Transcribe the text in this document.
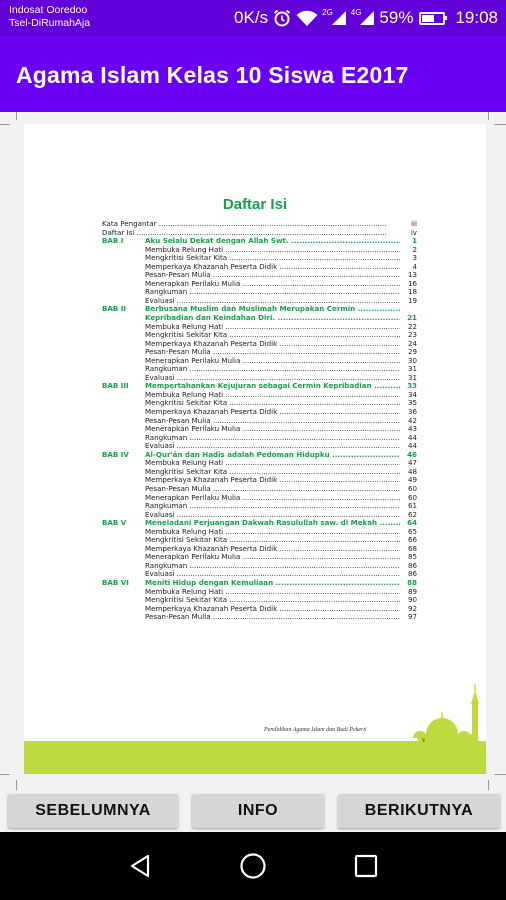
Indosat Ooredoo
Tsel-DiRumahAja	0K/s	2G 4G 59% 19:08
Agama Islam Kelas 10 Siswa E2017
Daftar Isi
Kata Pengantar .....	iii
Daftar Isi .....	iv
BAB I	Aku Selalu Dekat dengan Allah Swt. .....	1
Membuka Relung Hati .....	2
Mengkritisi Sekitar Kita .....	3
Memperkaya Khazanah Peserta Didik .....	4
Pesan-Pesan Mulia .....	13
Menerapkan Perilaku Mulia .....	16
Rangkuman .....	18
Evaluasi .....	19
BAB II	Berbusana Muslim dan Muslimah Merupakan Cermin .....
Kepribadian dan Keindahan Diri. .....	21
Membuka Relung Hati .....	22
Mengkritisi Sekitar Kita .....	23
Memperkaya Khazanah Peserta Didik .....	24
Pesan-Pesan Mulia .....	29
Menerapkan Perilaku Mulia .....	30
Rangkuman .....	31
Evaluasi .....	31
BAB III Mempertahankan Kejujuran sebagai Cermin Kepribadian .....	33
Membuka Relung Hati .....	34
Mengkritisi Sekitar Kita .....	35
Memperkaya Khazanah Peserta Didik .....	36
Pesan-Pesan Mulia .....	42
Menerapkan Perilaku Mulia .....	43
Rangkuman .....	44
Evaluasi .....	44
BAB IV Al-Qur'ān dan Hadis adalah Pedoman Hidupku .....	46
Membuka Relung Hati .....	47
Mengkritisi Sekitar Kita .....	48
Memperkaya Khazanah Peserta Didik .....	49
Pesan-Pesan Mulia .....	60
Menerapkan Perilaku Mulia .....	60
Rangkuman .....	61
Evaluasi .....	62
BAB V	Meneladani Perjuangan Dakwah Rasulullah saw. di Mekah .....	64
Membuka Relung Hati .....	65
Mengkritisi Sekitar Kita .....	66
Memperkaya Khazanah Peserta Didik .....	68
Menerapkan Perilaku Mulia .....	85
Rangkuman .....	86
Evaluasi .....	86
BAB VI Meniti Hidup dengan Kemuliaan .....	88
Membuka Relung Hati .....	89
Mengkritisi Sekitar Kita .....	90
Memperkaya Khazanah Peserta Didik .....	92
Pesan-Pesan Mulia .....	97
Pendidikan Agama Islam dan Budi Pekerti
v
SEBELUMNYA	INFO	BERIKUTNYA
